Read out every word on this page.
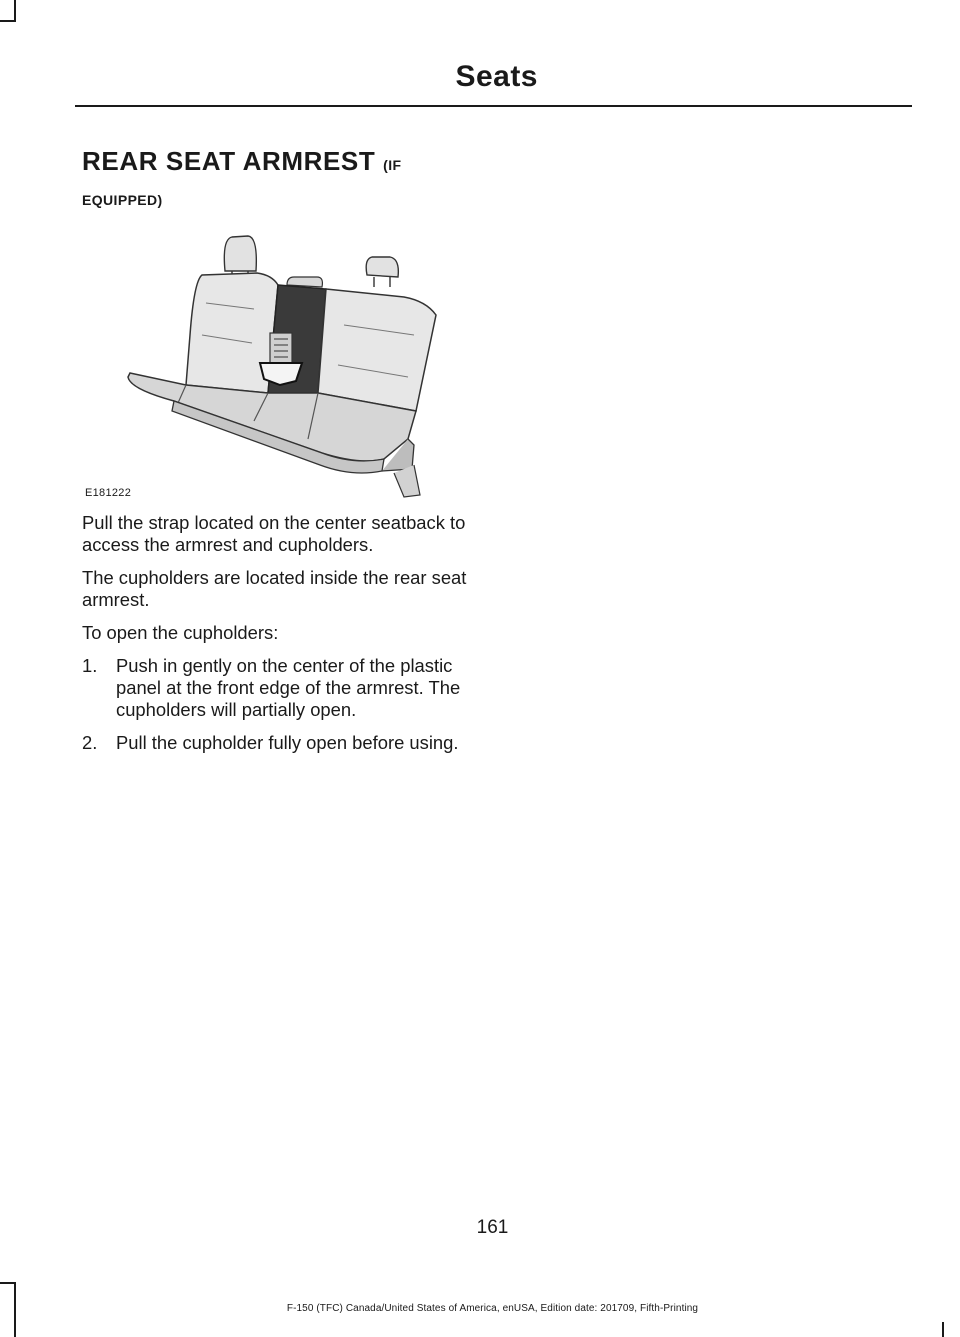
Seats
REAR SEAT ARMREST (IF
EQUIPPED)
E181222

Pull the strap located on the center seatback to access the armrest and cupholders.

The cupholders are located inside the rear seat armrest.

To open the cupholders:

1. Push in gently on the center of the plastic panel at the front edge of the armrest. The cupholders will partially open.
2. Pull the cupholder fully open before using.
161
F-150 (TFC) Canada/United States of America, enUSA, Edition date: 201709, Fifth-Printing
